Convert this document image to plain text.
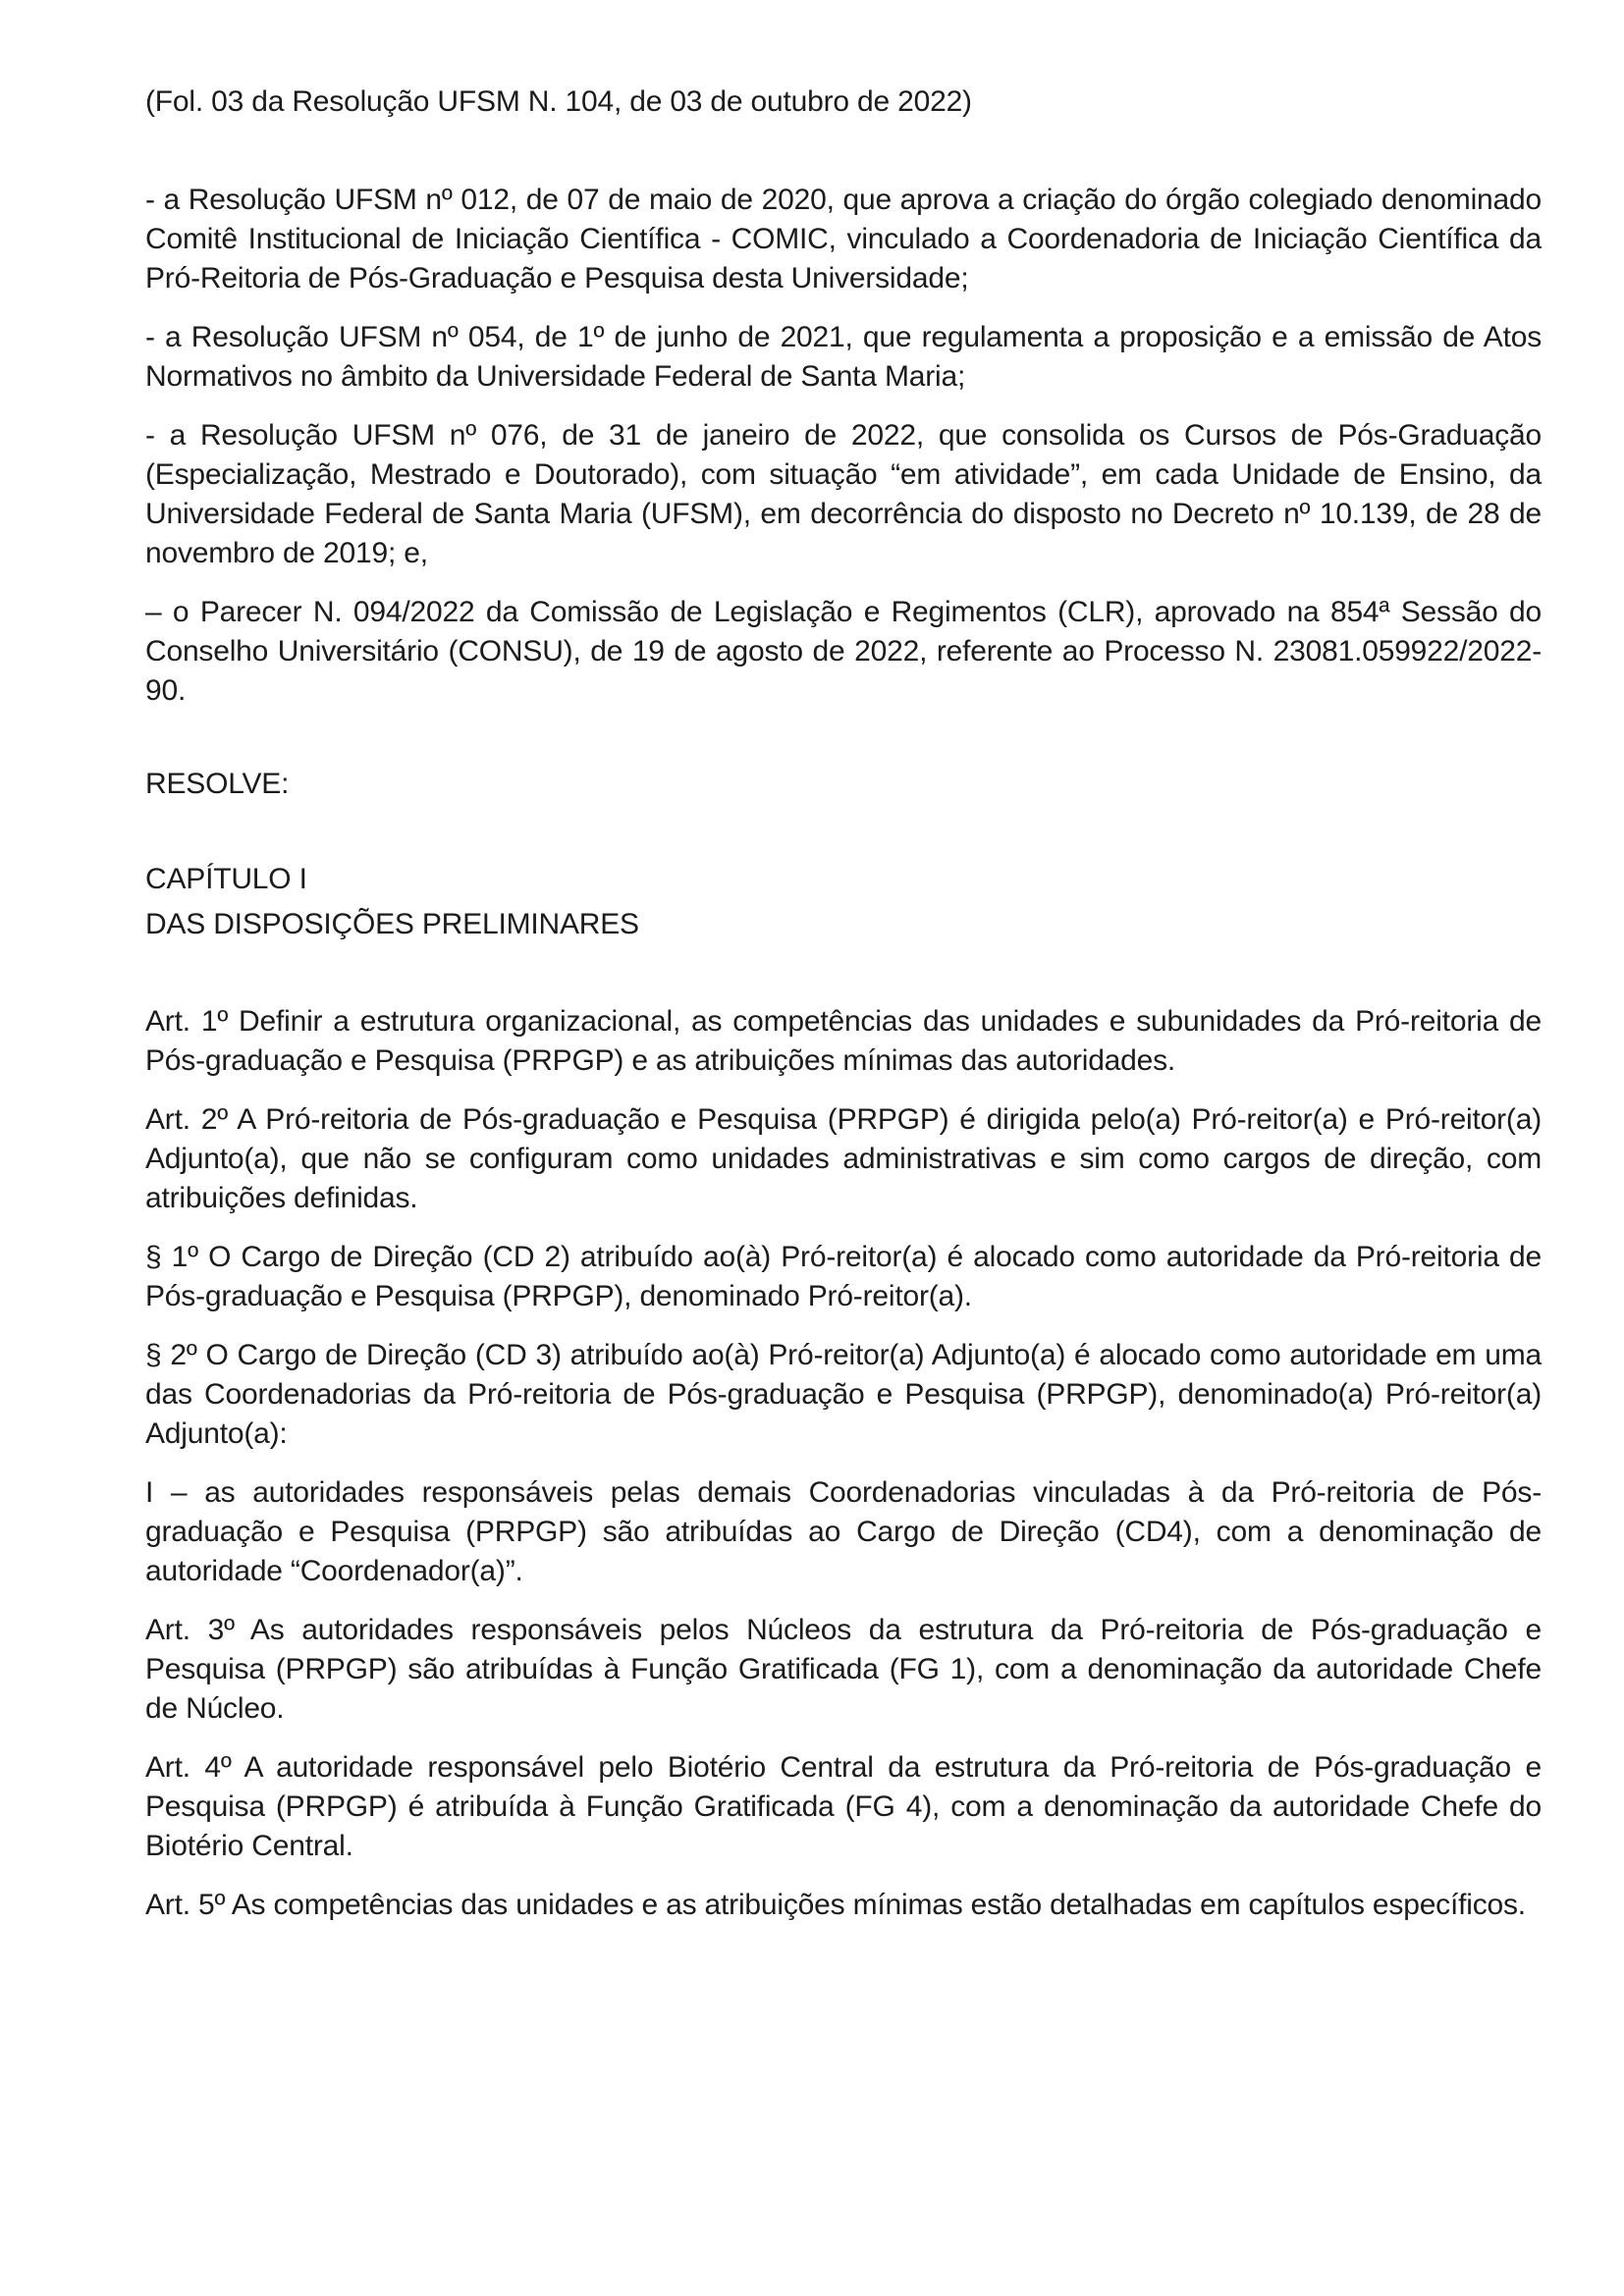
(Fol. 03 da Resolução UFSM N. 104, de 03 de outubro de 2022)

- a Resolução UFSM nº 012, de 07 de maio de 2020, que aprova a criação do órgão colegiado denominado Comitê Institucional de Iniciação Científica - COMIC, vinculado a Coordenadoria de Iniciação Científica da Pró-Reitoria de Pós-Graduação e Pesquisa desta Universidade;

- a Resolução UFSM nº 054, de 1º de junho de 2021, que regulamenta a proposição e a emissão de Atos Normativos no âmbito da Universidade Federal de Santa Maria;

- a Resolução UFSM nº 076, de 31 de janeiro de 2022, que consolida os Cursos de Pós-Graduação (Especialização, Mestrado e Doutorado), com situação “em atividade”, em cada Unidade de Ensino, da Universidade Federal de Santa Maria (UFSM), em decorrência do disposto no Decreto nº 10.139, de 28 de novembro de 2019; e,

– o Parecer N. 094/2022 da Comissão de Legislação e Regimentos (CLR), aprovado na 854ª Sessão do Conselho Universitário (CONSU), de 19 de agosto de 2022, referente ao Processo N. 23081.059922/2022-90.

RESOLVE:

CAPÍTULO I

DAS DISPOSIÇÕES PRELIMINARES

Art. 1º Definir a estrutura organizacional, as competências das unidades e subunidades da Pró-reitoria de Pós-graduação e Pesquisa (PRPGP) e as atribuições mínimas das autoridades.

Art. 2º A Pró-reitoria de Pós-graduação e Pesquisa (PRPGP) é dirigida pelo(a) Pró-reitor(a) e Pró-reitor(a) Adjunto(a), que não se configuram como unidades administrativas e sim como cargos de direção, com atribuições definidas.

§ 1º O Cargo de Direção (CD 2) atribuído ao(à) Pró-reitor(a) é alocado como autoridade da Pró-reitoria de Pós-graduação e Pesquisa (PRPGP), denominado Pró-reitor(a).

§ 2º O Cargo de Direção (CD 3) atribuído ao(à) Pró-reitor(a) Adjunto(a) é alocado como autoridade em uma das Coordenadorias da Pró-reitoria de Pós-graduação e Pesquisa (PRPGP), denominado(a) Pró-reitor(a) Adjunto(a):

I – as autoridades responsáveis pelas demais Coordenadorias vinculadas à da Pró-reitoria de Pós-graduação e Pesquisa (PRPGP) são atribuídas ao Cargo de Direção (CD4), com a denominação de autoridade “Coordenador(a)”.

Art. 3º As autoridades responsáveis pelos Núcleos da estrutura da Pró-reitoria de Pós-graduação e Pesquisa (PRPGP) são atribuídas à Função Gratificada (FG 1), com a denominação da autoridade Chefe de Núcleo.

Art. 4º A autoridade responsável pelo Biotério Central da estrutura da Pró-reitoria de Pós-graduação e Pesquisa (PRPGP) é atribuída à Função Gratificada (FG 4), com a denominação da autoridade Chefe do Biotério Central.

Art. 5º As competências das unidades e as atribuições mínimas estão detalhadas em capítulos específicos.
